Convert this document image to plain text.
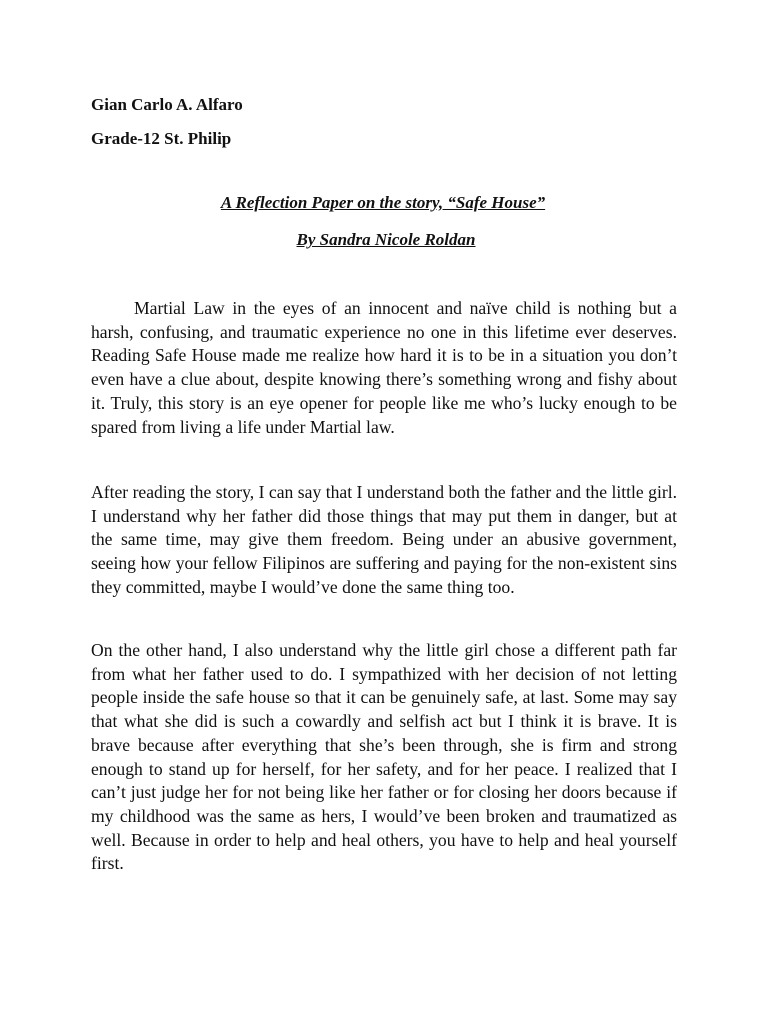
Gian Carlo A. Alfaro
Grade-12 St. Philip
A Reflection Paper on the story, “Safe House”
By Sandra Nicole Roldan

Martial Law in the eyes of an innocent and naïve child is nothing but a harsh, confusing, and traumatic experience no one in this lifetime ever deserves. Reading Safe House made me realize how hard it is to be in a situation you don’t even have a clue about, despite knowing there’s something wrong and fishy about it. Truly, this story is an eye opener for people like me who’s lucky enough to be spared from living a life under Martial law.

After reading the story, I can say that I understand both the father and the little girl. I understand why her father did those things that may put them in danger, but at the same time, may give them freedom. Being under an abusive government, seeing how your fellow Filipinos are suffering and paying for the non-existent sins they committed, maybe I would’ve done the same thing too.

On the other hand, I also understand why the little girl chose a different path far from what her father used to do. I sympathized with her decision of not letting people inside the safe house so that it can be genuinely safe, at last. Some may say that what she did is such a cowardly and selfish act but I think it is brave. It is brave because after everything that she’s been through, she is firm and strong enough to stand up for herself, for her safety, and for her peace. I realized that I can’t just judge her for not being like her father or for closing her doors because if my childhood was the same as hers, I would’ve been broken and traumatized as well. Because in order to help and heal others, you have to help and heal yourself first.
